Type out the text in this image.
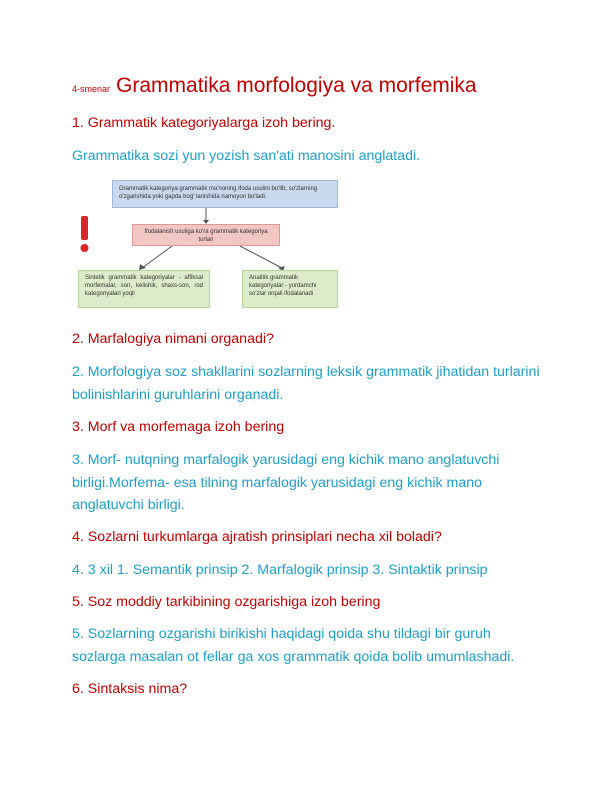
4-smenar Grammatika morfologiya va morfemika

1. Grammatik kategoriyalarga izoh bering.

Grammatika sozi yun yozish san'ati manosini anglatadi.

Grammatik kategoriya grammatik ma'noning ifoda usulini bo'lib, so'zlarning o'zgarishida yoki gapda bog' lanishida namoyon bo'ladi.
Ifodalanish usuliga ko'ra grammatik kategoriya turlari
Sintetik grammatik kategoriyalar - affiksal morfemalar, son, kelishik, shaxs-son, rod kategoriyalari yoqli
Analitik grammatik kategoriyalar - yordamchi so'zlar orqali ifodalanadi

2. Marfalogiya nimani organadi?

2. Morfologiya soz shakllarini sozlarning leksik grammatik jihatidan turlarini bolinishlarini guruhlarini organadi.

3. Morf va morfemaga izoh bering

3. Morf- nutqning marfalogik yarusidagi eng kichik mano anglatuvchi birligi.Morfema- esa tilning marfalogik yarusidagi eng kichik mano anglatuvchi birligi.

4. Sozlarni turkumlarga ajratish prinsiplari necha xil boladi?

4. 3 xil 1. Semantik prinsip 2. Marfalogik prinsip 3. Sintaktik prinsip

5. Soz moddiy tarkibining ozgarishiga izoh bering

5. Sozlarning ozgarishi birikishi haqidagi qoida shu tildagi bir guruh sozlarga masalan ot fellar ga xos grammatik qoida bolib umumlashadi.

6. Sintaksis nima?
